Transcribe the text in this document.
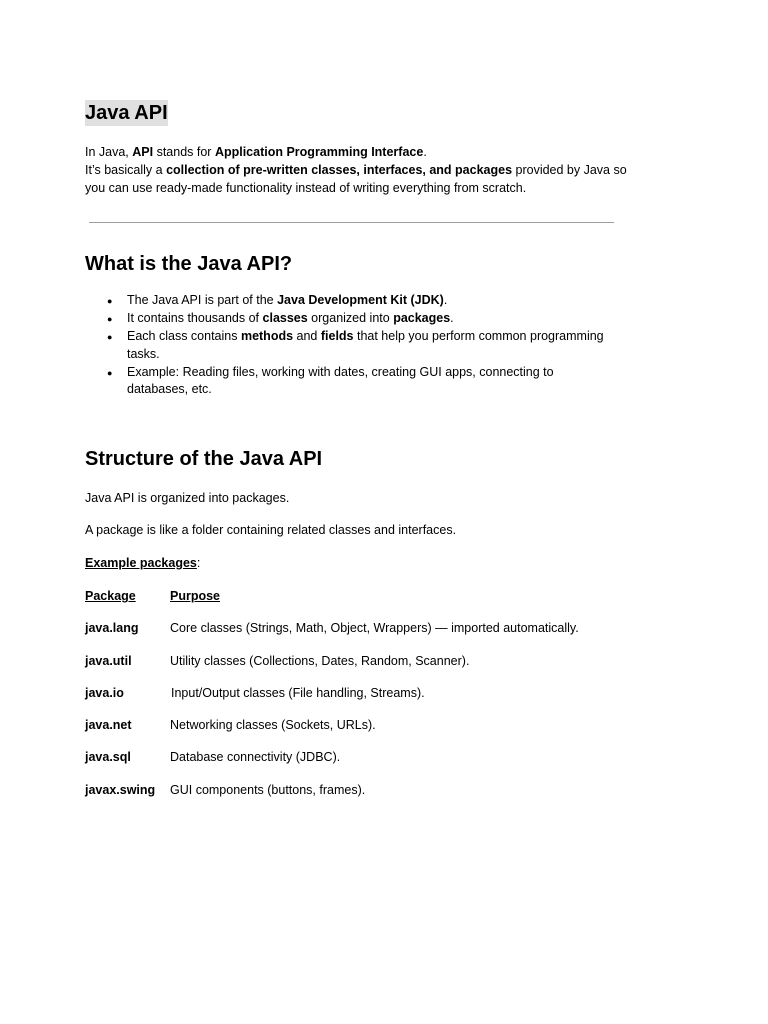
Java API

In Java, API stands for Application Programming Interface.

It’s basically a collection of pre-written classes, interfaces, and packages provided by Java so you can use ready-made functionality instead of writing everything from scratch.

What is the Java API?
● The Java API is part of the Java Development Kit (JDK).
● It contains thousands of classes organized into packages.
● Each class contains methods and fields that help you perform common programming tasks.
● Example: Reading files, working with dates, creating GUI apps, connecting to databases, etc.
Structure of the Java API

Java API is organized into packages.

A package is like a folder containing related classes and interfaces.

Example packages:

Package	Purpose
java.lang	Core classes (Strings, Math, Object, Wrappers) — imported automatically.
java.util	Utility classes (Collections, Dates, Random, Scanner).
java.io	Input/Output classes (File handling, Streams).
java.net	Networking classes (Sockets, URLs).
java.sql	Database connectivity (JDBC).
javax.swing GUI components (buttons, frames).
